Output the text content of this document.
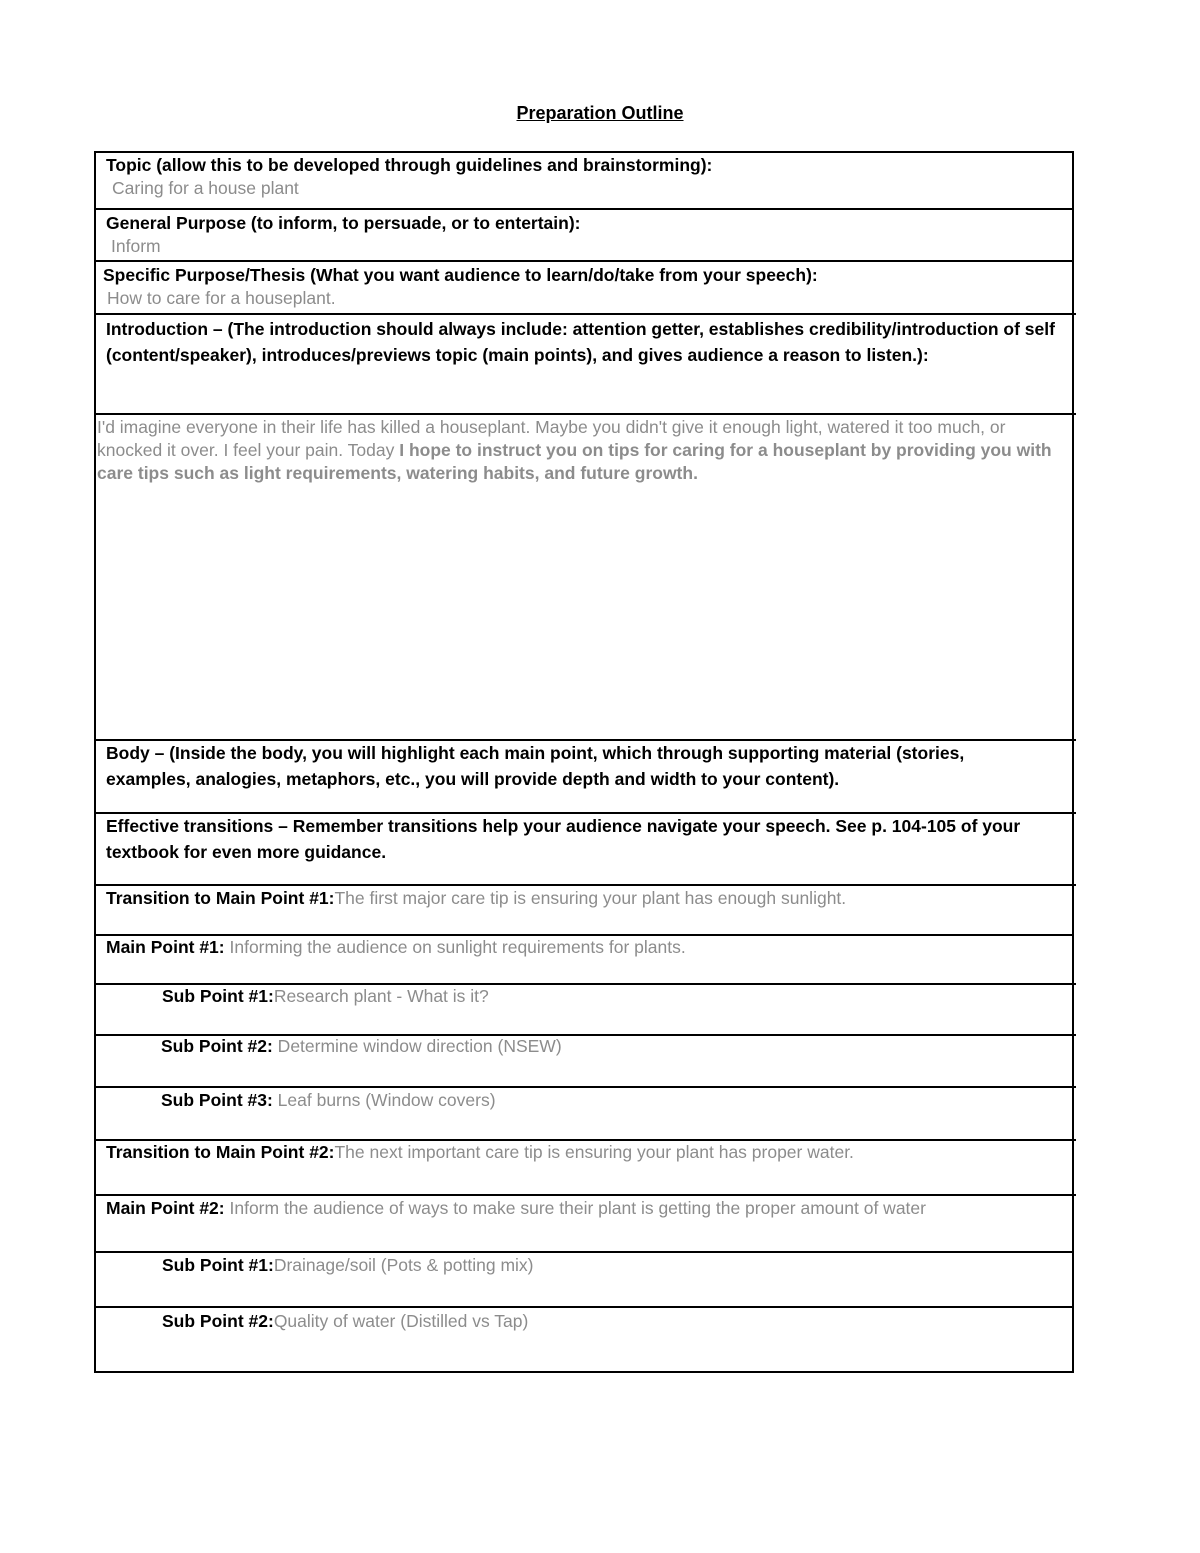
Preparation Outline
Topic (allow this to be developed through guidelines and brainstorming):
Caring for a house plant
General Purpose (to inform, to persuade, or to entertain):
Inform
Specific Purpose/Thesis (What you want audience to learn/do/take from your speech):
How to care for a houseplant.
Introduction – (The introduction should always include: attention getter, establishes credibility/introduction of self (content/speaker), introduces/previews topic (main points), and gives audience a reason to listen.):
I'd imagine everyone in their life has killed a houseplant. Maybe you didn't give it enough light, watered it too much, or knocked it over. I feel your pain. Today I hope to instruct you on tips for caring for a houseplant by providing you with care tips such as light requirements, watering habits, and future growth.
Body – (Inside the body, you will highlight each main point, which through supporting material (stories, examples, analogies, metaphors, etc., you will provide depth and width to your content).
Effective transitions – Remember transitions help your audience navigate your speech. See p. 104-105 of your textbook for even more guidance.
Transition to Main Point #1:The first major care tip is ensuring your plant has enough sunlight.
Main Point #1: Informing the audience on sunlight requirements for plants.
Sub Point #1:Research plant - What is it?
Sub Point #2: Determine window direction (NSEW)
Sub Point #3: Leaf burns (Window covers)
Transition to Main Point #2:The next important care tip is ensuring your plant has proper water.
Main Point #2: Inform the audience of ways to make sure their plant is getting the proper amount of water
Sub Point #1:Drainage/soil (Pots & potting mix)
Sub Point #2:Quality of water (Distilled vs Tap)
